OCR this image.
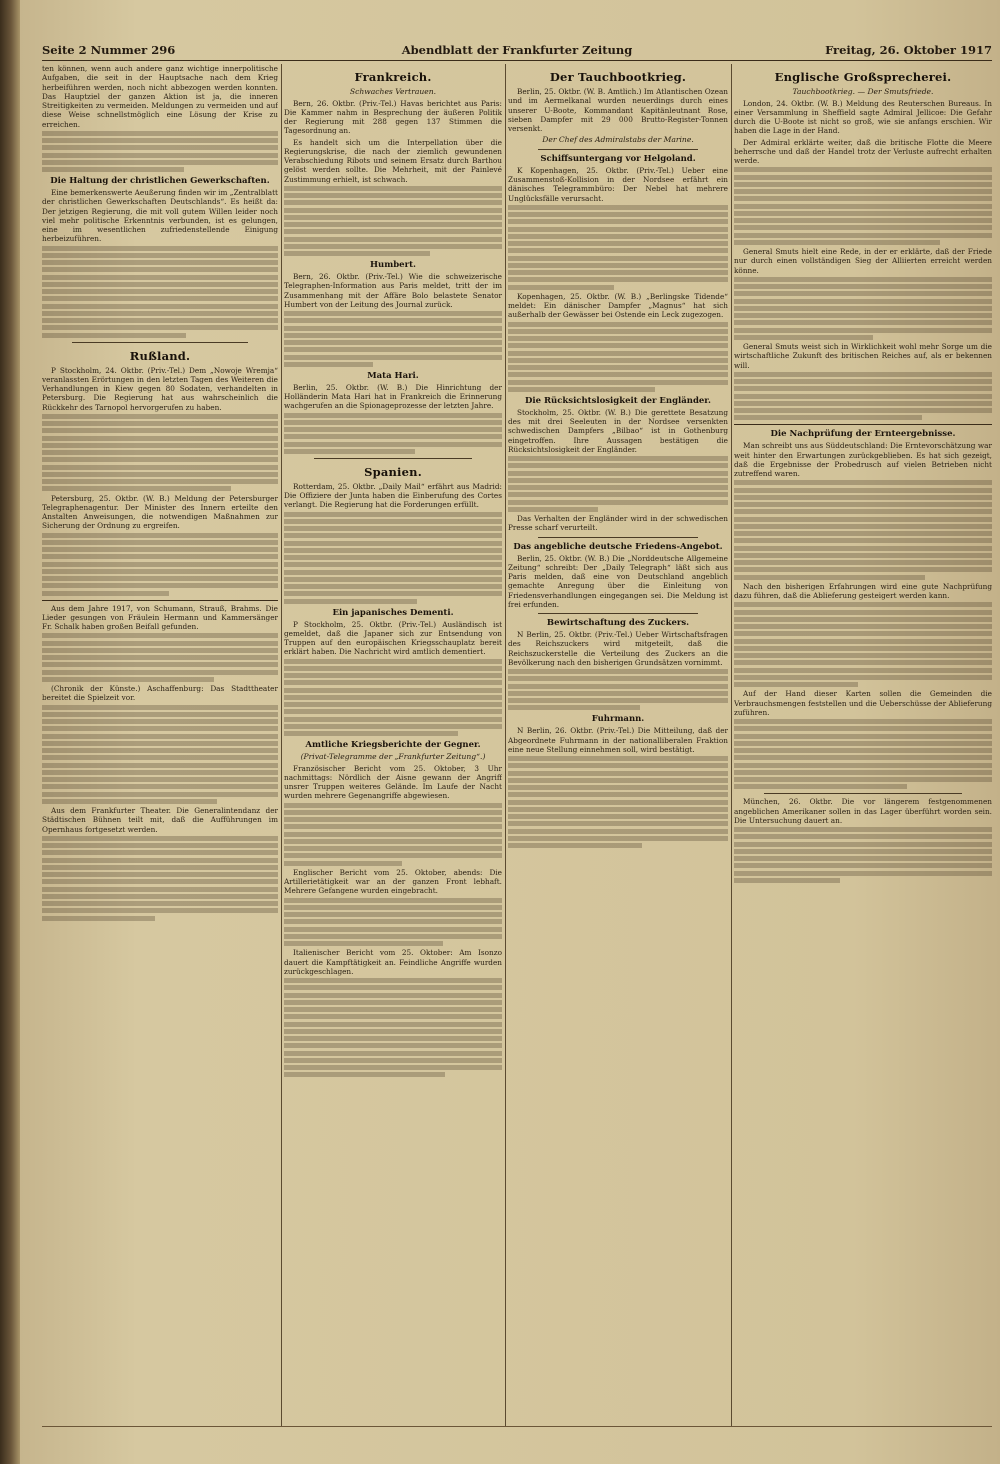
Seite 2 Nummer 296	Abendblatt der Frankfurter Zeitung	Freitag, 26. Oktober 1917

ten können, wenn auch andere ganz wichtige innerpolitische Aufgaben, die seit in der Hauptsache nach dem Krieg herbeiführen werden, noch nicht abbezogen werden konnten. Das Hauptziel der ganzen Aktion ist ja, die inneren Streitigkeiten zu vermeiden. Meldungen zu vermeiden und auf diese Weise schnellstmöglich eine Lösung der Krise zu erreichen.

Die Haltung der christlichen Gewerkschaften.

Eine bemerkenswerte Aeußerung finden wir im „Zentralblatt der christlichen Gewerkschaften Deutschlands“. Es heißt da: Der jetzigen Regierung, die mit voll gutem Willen leider noch viel mehr politische Erkenntnis verbunden, ist es gelungen, eine im wesentlichen zufriedenstellende Einigung herbeizuführen.

Rußland.

P Stockholm, 24. Oktbr. (Priv.-Tel.) Dem „Nowoje Wremja“ veranlassten Erörtungen in den letzten Tagen des Weiteren die Verhandlungen in Kiew gegen 80 Sodaten, verhandelten in Petersburg. Die Regierung hat aus wahrscheinlich die Rückkehr des Tarnopol hervorgerufen zu haben.

Petersburg, 25. Oktbr. (W. B.) Meldung der Petersburger Telegraphenagentur. Der Minister des Innern erteilte den Anstalten Anweisungen, die notwendigen Maßnahmen zur Sicherung der Ordnung zu ergreifen.

Aus dem Jahre 1917, von Schumann, Strauß, Brahms. Die Lieder gesungen von Fräulein Hermann und Kammersänger Fr. Schalk haben großen Beifall gefunden.

(Chronik der Künste.) Aschaffenburg: Das Stadttheater bereitet die Spielzeit vor.

Aus dem Frankfurter Theater. Die Generalintendanz der Städtischen Bühnen teilt mit, daß die Aufführungen im Opernhaus fortgesetzt werden.

Frankreich.
Schwaches Vertrauen.

Bern, 26. Oktbr. (Priv.-Tel.) Havas berichtet aus Paris: Die Kammer nahm in Besprechung der äußeren Politik der Regierung mit 288 gegen 137 Stimmen die Tagesordnung an.

Es handelt sich um die Interpellation über die Regierungskrise, die nach der ziemlich gewundenen Verabschiedung Ribots und seinem Ersatz durch Barthou gelöst werden sollte. Die Mehrheit, mit der Painlevé Zustimmung erhielt, ist schwach.

Humbert.

Bern, 26. Oktbr. (Priv.-Tel.) Wie die schweizerische Telegraphen-Information aus Paris meldet, tritt der im Zusammenhang mit der Affäre Bolo belastete Senator Humbert von der Leitung des Journal zurück.

Mata Hari.

Berlin, 25. Oktbr. (W. B.) Die Hinrichtung der Holländerin Mata Hari hat in Frankreich die Erinnerung wachgerufen an die Spionageprozesse der letzten Jahre.

Spanien.

Rotterdam, 25. Oktbr. „Daily Mail“ erfährt aus Madrid: Die Offiziere der Junta haben die Einberufung des Cortes verlangt. Die Regierung hat die Forderungen erfüllt.

Ein japanisches Dementi.

P Stockholm, 25. Oktbr. (Priv.-Tel.) Ausländisch ist gemeldet, daß die Japaner sich zur Entsendung von Truppen auf den europäischen Kriegsschauplatz bereit erklärt haben. Die Nachricht wird amtlich dementiert.

Amtliche Kriegsberichte der Gegner.
(Privat-Telegramme der „Frankfurter Zeitung“.)

Französischer Bericht vom 25. Oktober, 3 Uhr nachmittags: Nördlich der Aisne gewann der Angriff unsrer Truppen weiteres Gelände. Im Laufe der Nacht wurden mehrere Gegenangriffe abgewiesen.

Englischer Bericht vom 25. Oktober, abends: Die Artillerietätigkeit war an der ganzen Front lebhaft. Mehrere Gefangene wurden eingebracht.

Italienischer Bericht vom 25. Oktober: Am Isonzo dauert die Kampftätigkeit an. Feindliche Angriffe wurden zurückgeschlagen.

Der Tauchbootkrieg.

Berlin, 25. Oktbr. (W. B. Amtlich.) Im Atlantischen Ozean und im Aermelkanal wurden neuerdings durch eines unserer U-Boote, Kommandant Kapitänleutnant Rose, sieben Dampfer mit 29 000 Brutto-Register-Tonnen versenkt.

Der Chef des Admiralstabs der Marine.
Schiffsuntergang vor Helgoland.

K Kopenhagen, 25. Oktbr. (Priv.-Tel.) Ueber eine Zusammenstoß-Kollision in der Nordsee erfährt ein dänisches Telegrammbüro: Der Nebel hat mehrere Unglücksfälle verursacht.

Kopenhagen, 25. Oktbr. (W. B.) „Berlingske Tidende“ meldet: Ein dänischer Dampfer „Magnus“ hat sich außerhalb der Gewässer bei Ostende ein Leck zugezogen.

Die Rücksichtslosigkeit der Engländer.

Stockholm, 25. Oktbr. (W. B.) Die gerettete Besatzung des mit drei Seeleuten in der Nordsee versenkten schwedischen Dampfers „Bilbao“ ist in Gothenburg eingetroffen. Ihre Aussagen bestätigen die Rücksichtslosigkeit der Engländer.

Das Verhalten der Engländer wird in der schwedischen Presse scharf verurteilt.

Das angebliche deutsche Friedens-Angebot.

Berlin, 25. Oktbr. (W. B.) Die „Norddeutsche Allgemeine Zeitung“ schreibt: Der „Daily Telegraph“ läßt sich aus Paris melden, daß eine von Deutschland angeblich gemachte Anregung über die Einleitung von Friedensverhandlungen eingegangen sei. Die Meldung ist frei erfunden.

Bewirtschaftung des Zuckers.

N Berlin, 25. Oktbr. (Priv.-Tel.) Ueber Wirtschaftsfragen des Reichszuckers wird mitgeteilt, daß die Reichszuckerstelle die Verteilung des Zuckers an die Bevölkerung nach den bisherigen Grundsätzen vornimmt.

Fuhrmann.

N Berlin, 26. Oktbr. (Priv.-Tel.) Die Mitteilung, daß der Abgeordnete Fuhrmann in der nationalliberalen Fraktion eine neue Stellung einnehmen soll, wird bestätigt.

Englische Großsprecherei.
Tauchbootkrieg. — Der Smutsfriede.

London, 24. Oktbr. (W. B.) Meldung des Reuterschen Bureaus. In einer Versammlung in Sheffield sagte Admiral Jellicoe: Die Gefahr durch die U-Boote ist nicht so groß, wie sie anfangs erschien. Wir haben die Lage in der Hand.

Der Admiral erklärte weiter, daß die britische Flotte die Meere beherrsche und daß der Handel trotz der Verluste aufrecht erhalten werde.

General Smuts hielt eine Rede, in der er erklärte, daß der Friede nur durch einen vollständigen Sieg der Alliierten erreicht werden könne.

General Smuts weist sich in Wirklichkeit wohl mehr Sorge um die wirtschaftliche Zukunft des britischen Reiches auf, als er bekennen will.

Die Nachprüfung der Ernteergebnisse.

Man schreibt uns aus Süddeutschland: Die Erntevorschätzung war weit hinter den Erwartungen zurückgeblieben. Es hat sich gezeigt, daß die Ergebnisse der Probedrusch auf vielen Betrieben nicht zutreffend waren.

Nach den bisherigen Erfahrungen wird eine gute Nachprüfung dazu führen, daß die Ablieferung gesteigert werden kann.

Auf der Hand dieser Karten sollen die Gemeinden die Verbrauchsmengen feststellen und die Ueberschüsse der Ablieferung zuführen.

München, 26. Oktbr. Die vor längerem festgenommenen angeblichen Amerikaner sollen in das Lager überführt worden sein. Die Untersuchung dauert an.
